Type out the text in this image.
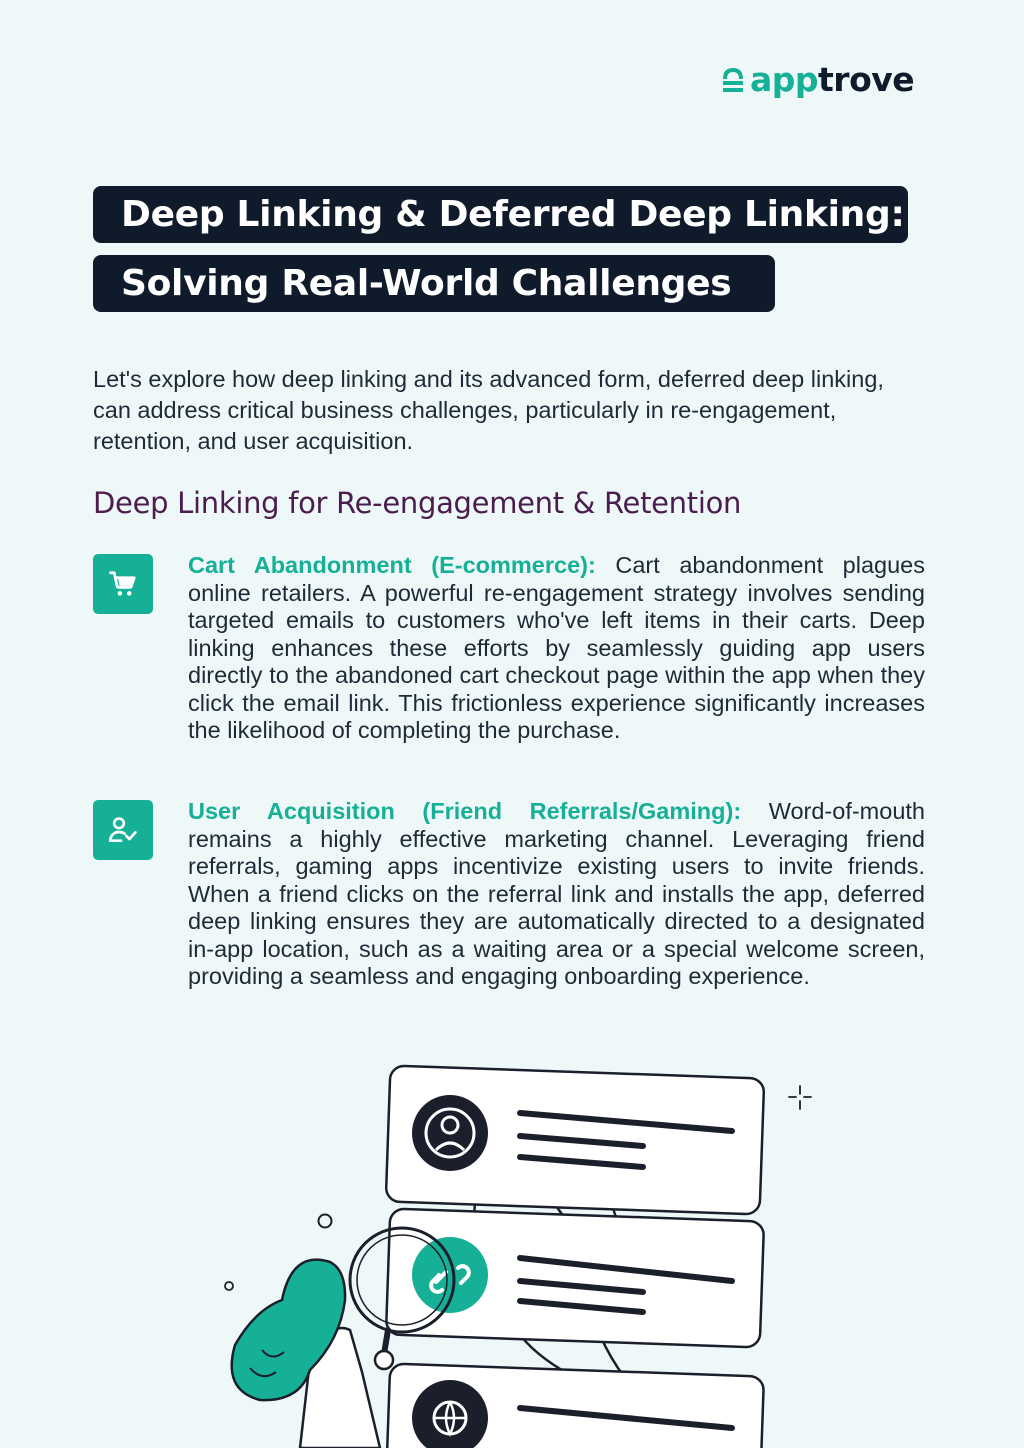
app trove
Deep Linking & Deferred Deep Linking:
Solving Real-World Challenges

Let's explore how deep linking and its advanced form, deferred deep linking, can address critical business challenges, particularly in re-engagement, retention, and user acquisition.

Deep Linking for Re-engagement & Retention

Cart Abandonment (E-commerce): Cart abandonment plagues online retailers. A powerful re-engagement strategy involves sending targeted emails to customers who've left items in their carts. Deep linking enhances these efforts by seamlessly guiding app users directly to the abandoned cart checkout page within the app when they click the email link. This frictionless experience significantly increases the likelihood of completing the purchase.

User Acquisition (Friend Referrals/Gaming): Word-of-mouth remains a highly effective marketing channel. Leveraging friend referrals, gaming apps incentivize existing users to invite friends. When a friend clicks on the referral link and installs the app, deferred deep linking ensures they are automatically directed to a designated in-app location, such as a waiting area or a special welcome screen, providing a seamless and engaging onboarding experience.
